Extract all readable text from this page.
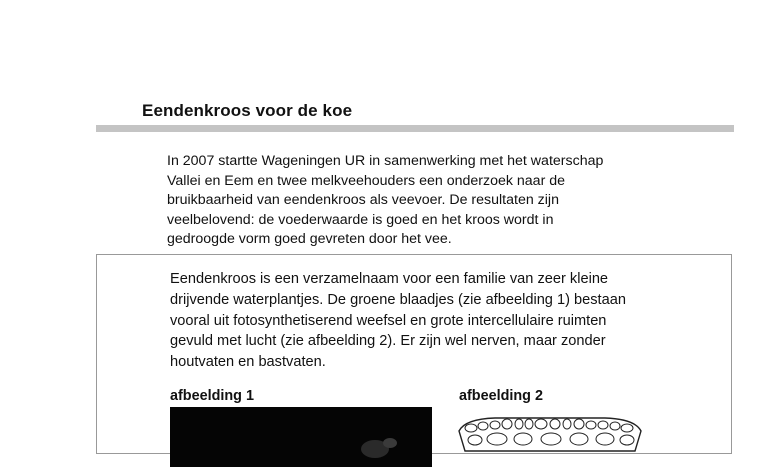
Eendenkroos voor de koe

In 2007 startte Wageningen UR in samenwerking met het waterschap
Vallei en Eem en twee melkveehouders een onderzoek naar de
bruikbaarheid van eendenkroos als veevoer. De resultaten zijn
veelbelovend: de voederwaarde is goed en het kroos wordt in
gedroogde vorm goed gevreten door het vee.

Eendenkroos is een verzamelnaam voor een familie van zeer kleine
drijvende waterplantjes. De groene blaadjes (zie afbeelding 1) bestaan
vooral uit fotosynthetiserend weefsel en grote intercellulaire ruimten
gevuld met lucht (zie afbeelding 2). Er zijn wel nerven, maar zonder
houtvaten en bastvaten.

afbeelding 1	afbeelding 2
